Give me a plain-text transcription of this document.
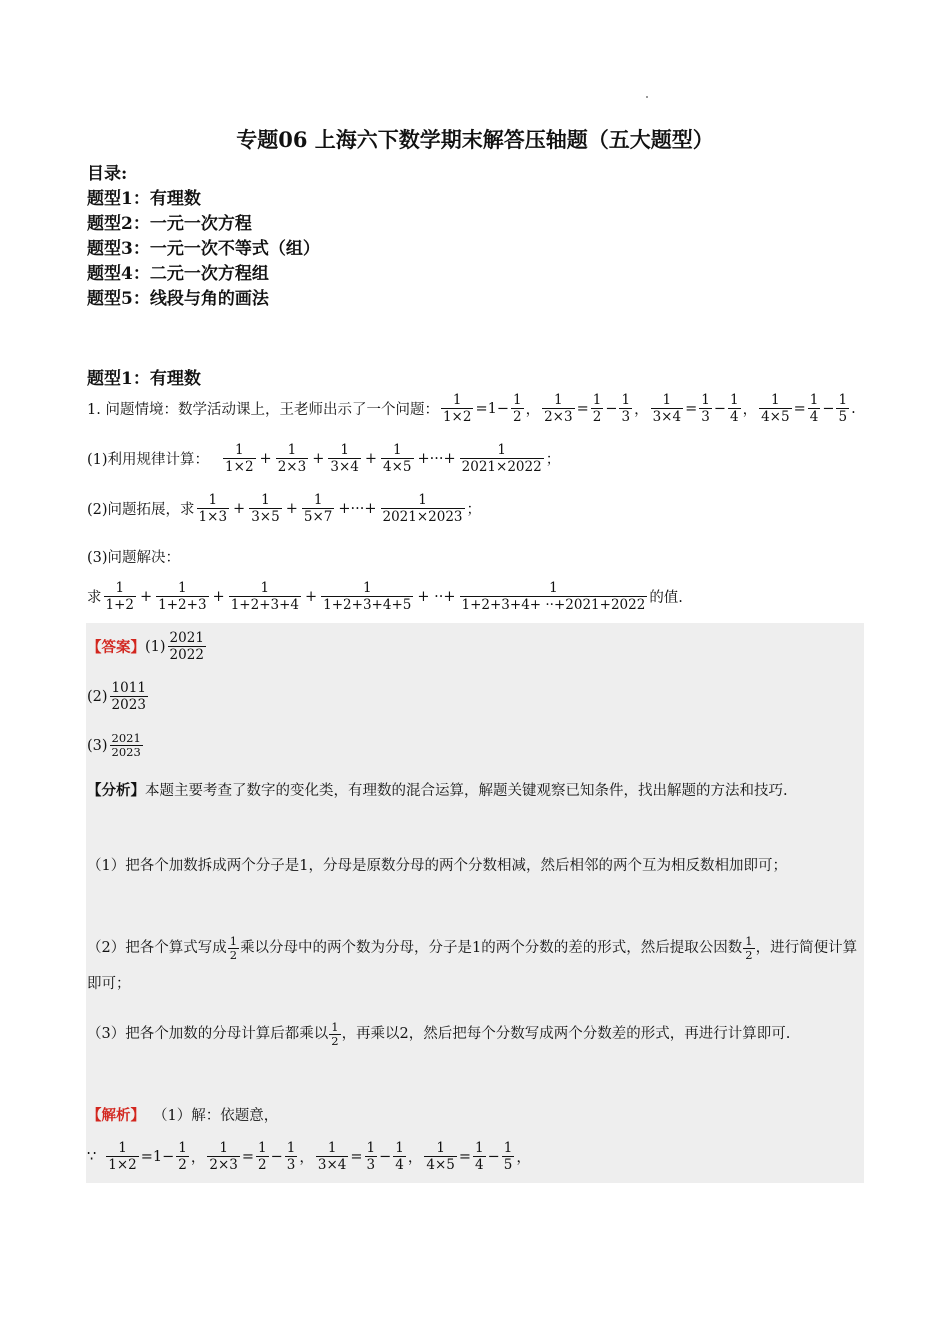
专题06 上海六下数学期末解答压轴题（五大题型）
目录:
题型1：有理数
题型2：一元一次方程
题型3：一元一次不等式（组）
题型4：二元一次方程组
题型5：线段与角的画法
题型1：有理数
1. 问题情境：数学活动课上，王老师出示了一个问题： $\frac{1}{1\times 2} =1- \frac{1}{2}$ ， $\frac{1}{2\times 3} = \frac{1}{2} - \frac{1}{3}$ ， $\frac{1}{3\times 4} = \frac{1}{3} - \frac{1}{4}$ ， $\frac{1}{4\times 5} = \frac{1}{4} - \frac{1}{5}$ .
(1)利用规律计算： $\frac{1}{1\times 2} + \frac{1}{2\times 3} + \frac{1}{3\times 4} + \frac{1}{4\times 5}$ +···+ $\frac{1}{2021\times 2022}$ ；
(2)问题拓展，求 $\frac{1}{1\times 3} + \frac{1}{3\times 5} + \frac{1}{5\times 7}$ +···+ $\frac{1}{2021\times 2023}$ ；
(3)问题解决：
求 $\frac{1}{1+2} + \frac{1}{1+2+3} + \frac{1}{1+2+3+4} + \frac{1}{1+2+3+4+5}$ + ··+ $\frac{1}{1+2+3+4+ \cdot\cdot+2021+2022}$ 的值.
【答案】 $(1) \frac{2021}{2022}$
$(2) \frac{1011}{2023}$
$(3) \frac{2021}{2023}$
【分析】本题主要考查了数字的变化类，有理数的混合运算，解题关键观察已知条件，找出解题的方法和技巧.
（1）把各个加数拆成两个分子是1，分母是原数分母的两个分数相减，然后相邻的两个互为相反数相加即可；
（2）把各个算式写成 $\frac{1}{2}$ 乘以分母中的两个数为分母，分子是1的两个分数的差的形式，然后提取公因数 $\frac{1}{2}$ ，进行简便计算即可；
（3）把各个加数的分母计算后都乘以 $\frac{1}{2}$ ，再乘以2，然后把每个分数写成两个分数差的形式，再进行计算即可.
【解析】 （1）解：依题意，
∵ $\frac{1}{1\times 2} =1- \frac{1}{2}$ ， $\frac{1}{2\times 3} = \frac{1}{2} - \frac{1}{3}$ ， $\frac{1}{3\times 4} = \frac{1}{3} - \frac{1}{4}$ ， $\frac{1}{4\times 5} = \frac{1}{4} - \frac{1}{5}$ ，
